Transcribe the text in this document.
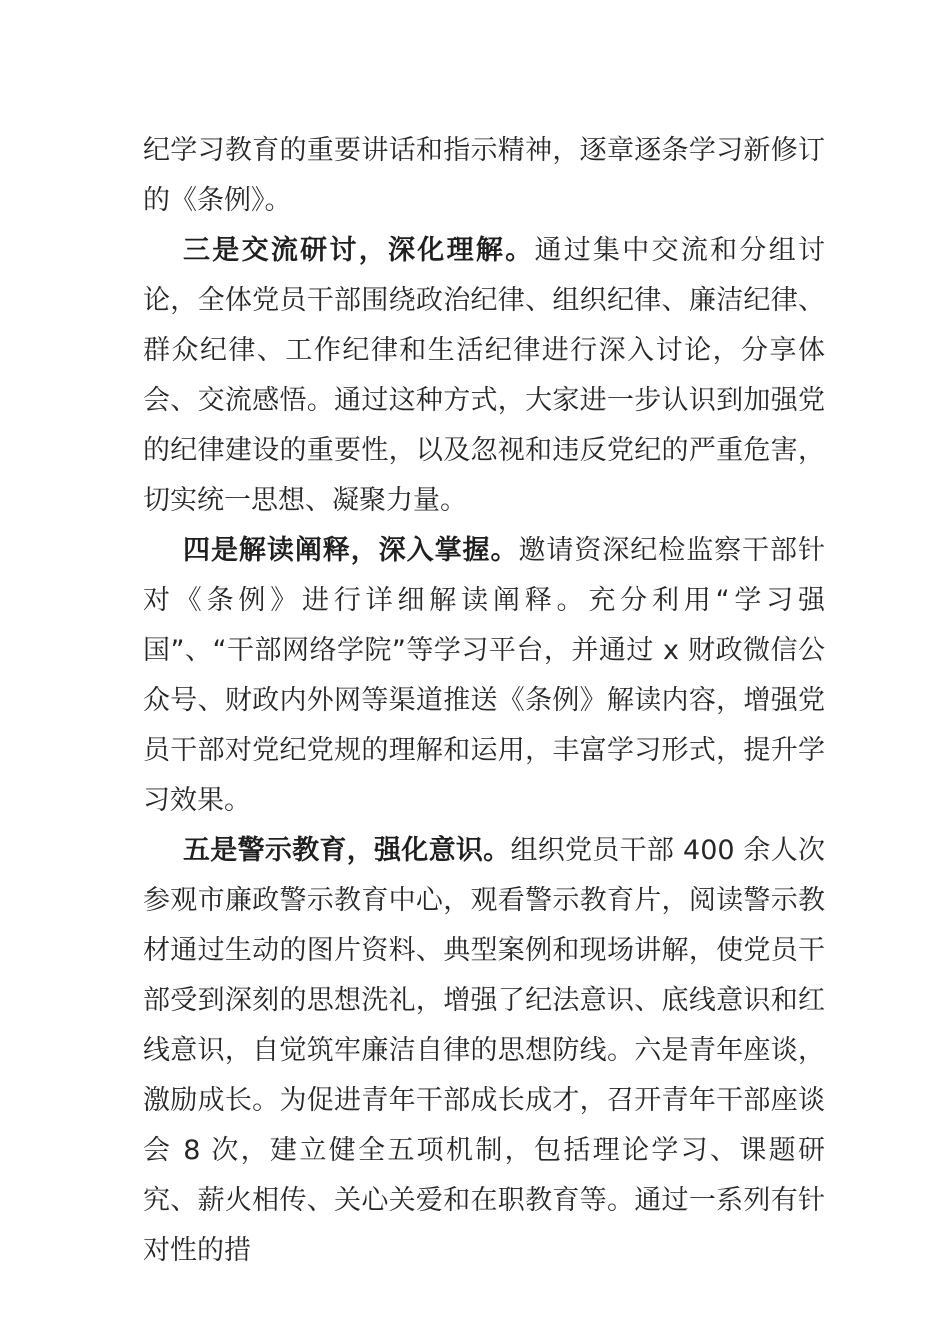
纪学习教育的重要讲话和指示精神，逐章逐条学习新修订的《条例》。

三是交流研讨，深化理解。通过集中交流和分组讨论，全体党员干部围绕政治纪律、组织纪律、廉洁纪律、群众纪律、工作纪律和生活纪律进行深入讨论，分享体会、交流感悟。通过这种方式，大家进一步认识到加强党的纪律建设的重要性，以及忽视和违反党纪的严重危害，切实统一思想、凝聚力量。

四是解读阐释，深入掌握。邀请资深纪检监察干部针对《条例》进行详细解读阐释。充分利用“学习强国”、“干部网络学院”等学习平台，并通过 x 财政微信公众号、财政内外网等渠道推送《条例》解读内容，增强党员干部对党纪党规的理解和运用，丰富学习形式，提升学习效果。

五是警示教育，强化意识。组织党员干部 400 余人次参观市廉政警示教育中心，观看警示教育片，阅读警示教材通过生动的图片资料、典型案例和现场讲解，使党员干部受到深刻的思想洗礼，增强了纪法意识、底线意识和红线意识，自觉筑牢廉洁自律的思想防线。六是青年座谈，激励成长。为促进青年干部成长成才，召开青年干部座谈会 8 次，建立健全五项机制，包括理论学习、课题研究、薪火相传、关心关爱和在职教育等。通过一系列有针对性的措
